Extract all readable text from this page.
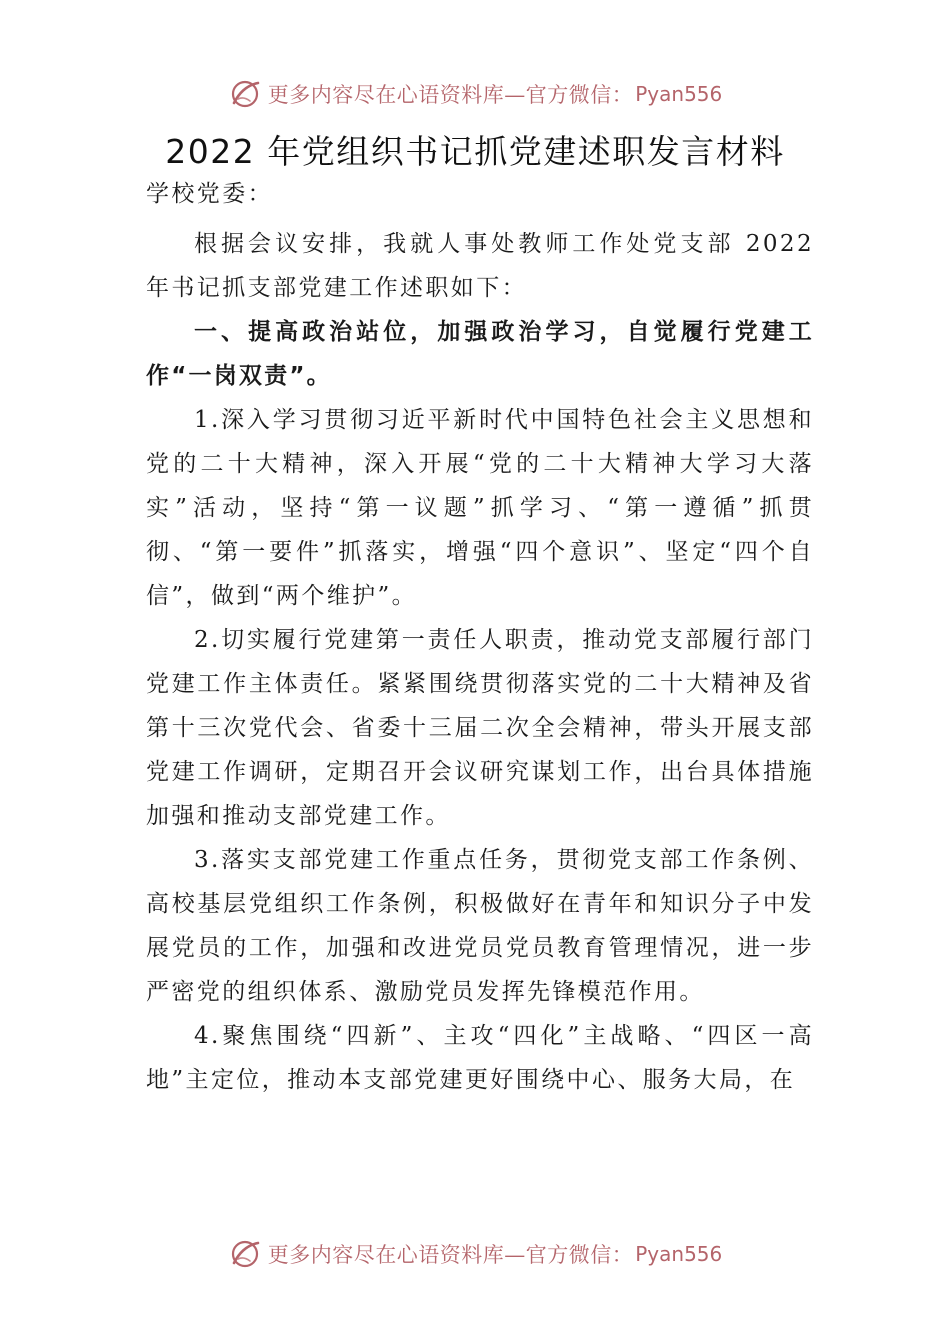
更多内容尽在心语资料库—官方微信： Pyan556
2022 年党组织书记抓党建述职发言材料

学校党委：

根据会议安排，我就人事处教师工作处党支部 2022 年书记抓支部党建工作述职如下：

一、提高政治站位，加强政治学习，自觉履行党建工作“一岗双责”。

1.深入学习贯彻习近平新时代中国特色社会主义思想和党的二十大精神，深入开展“党的二十大精神大学习大落实”活动，坚持“第一议题”抓学习、“第一遵循”抓贯彻、“第一要件”抓落实，增强“四个意识”、坚定“四个自信”，做到“两个维护”。

2.切实履行党建第一责任人职责，推动党支部履行部门党建工作主体责任。紧紧围绕贯彻落实党的二十大精神及省第十三次党代会、省委十三届二次全会精神，带头开展支部党建工作调研，定期召开会议研究谋划工作，出台具体措施加强和推动支部党建工作。

3.落实支部党建工作重点任务，贯彻党支部工作条例、高校基层党组织工作条例，积极做好在青年和知识分子中发展党员的工作，加强和改进党员党员教育管理情况，进一步严密党的组织体系、激励党员发挥先锋模范作用。

4.聚焦围绕“四新”、主攻“四化”主战略、“四区一高地”主定位，推动本支部党建更好围绕中心、服务大局，在

更多内容尽在心语资料库—官方微信： Pyan556
